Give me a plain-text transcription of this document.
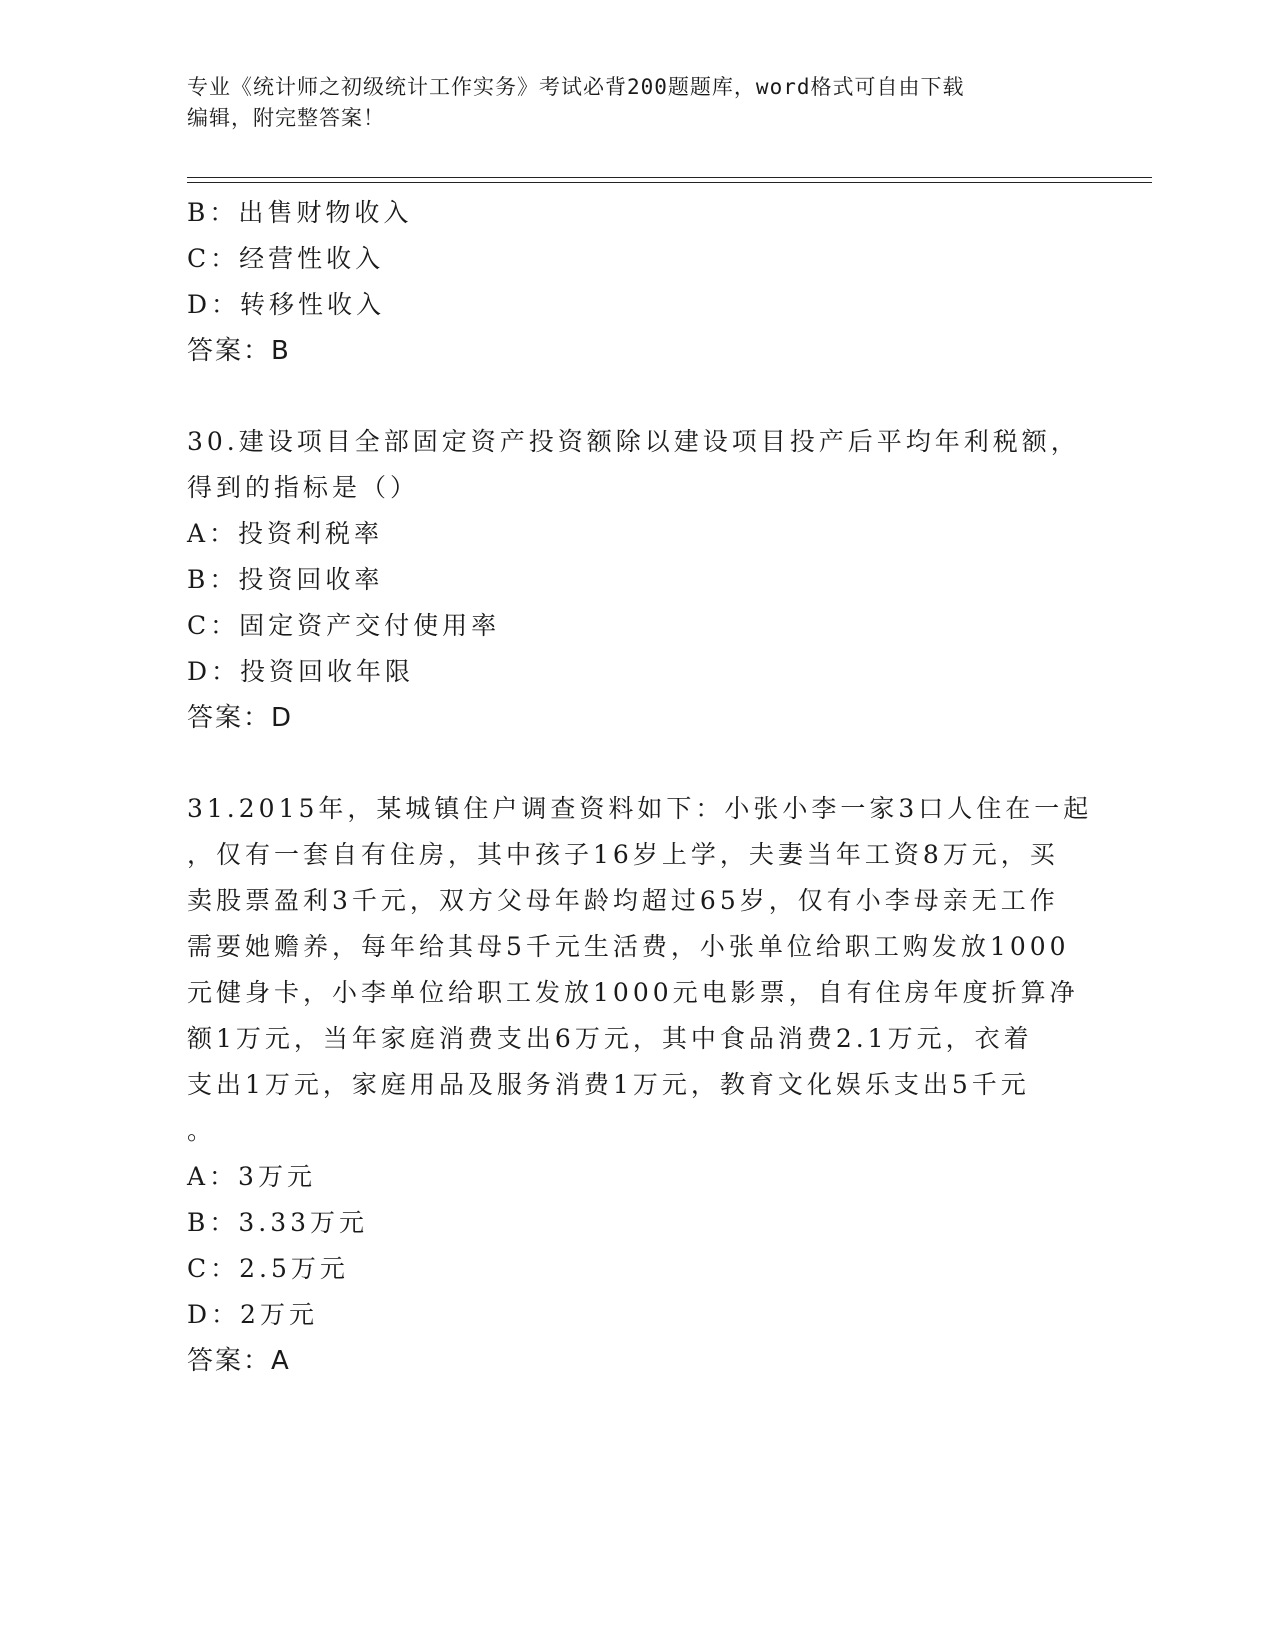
专业《统计师之初级统计工作实务》考试必背200题题库，word格式可自由下载
编辑，附完整答案！
B：出售财物收入
C：经营性收入
D：转移性收入
答案：B
30.建设项目全部固定资产投资额除以建设项目投产后平均年利税额，
得到的指标是（）
A：投资利税率
B：投资回收率
C：固定资产交付使用率
D：投资回收年限
答案：D
31.2015年，某城镇住户调查资料如下：小张小李一家3口人住在一起
，仅有一套自有住房，其中孩子16岁上学，夫妻当年工资8万元，买
卖股票盈利3千元，双方父母年龄均超过65岁，仅有小李母亲无工作
需要她赡养，每年给其母5千元生活费，小张单位给职工购发放1000
元健身卡，小李单位给职工发放1000元电影票，自有住房年度折算净
额1万元，当年家庭消费支出6万元，其中食品消费2.1万元，衣着
支出1万元，家庭用品及服务消费1万元，教育文化娱乐支出5千元
。
A：3万元
B：3.33万元
C：2.5万元
D：2万元
答案：A
